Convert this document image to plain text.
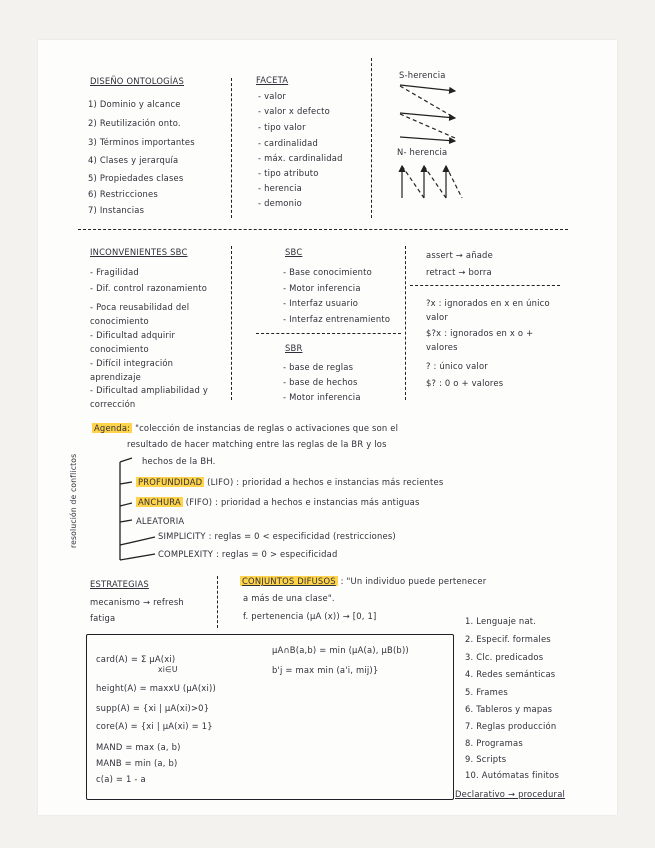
DISEÑO ONTOLOGÍAS
1) Dominio y alcance
2) Reutilización onto.
3) Términos importantes
4) Clases y jerarquía
5) Propiedades clases
6) Restricciones
7) Instancias
FACETA
- valor
- valor x defecto
- tipo valor
- cardinalidad
- máx. cardinalidad
- tipo atributo
- herencia
- demonio
S-herencia
N- herencia
INCONVENIENTES SBC
- Fragilidad
- Dif. control razonamiento
- Poca reusabilidad del conocimiento
- Dificultad adquirir conocimiento
- Difícil integración aprendizaje
- Dificultad ampliabilidad y corrección
SBC
- Base conocimiento
- Motor inferencia
- Interfaz usuario
- Interfaz entrenamiento
SBR
- base de reglas
- base de hechos
- Motor inferencia
assert → añade
retract → borra
?x : ignorados en x en único valor
$?x : ignorados en x o + valores
? : único valor
$? : 0 o + valores
Agenda: "colección de instancias de reglas o activaciones que son el
resultado de hacer matching entre las reglas de la BR y los
hechos de la BH.
resolución de conflictos	PROFUNDIDAD (LIFO) : prioridad a hechos e instancias más recientes
ANCHURA (FIFO) : prioridad a hechos e instancias más antiguas
ALEATORIA
SIMPLICITY : reglas = 0 < especificidad (restricciones)
COMPLEXITY : reglas = 0 > especificidad
ESTRATEGIAS
mecanismo → refresh
fatiga
CONJUNTOS DIFUSOS : "Un individuo puede pertenecer
a más de una clase".
f. pertenencia (μA (x)) → [0, 1]
card(A) = Σ μA(xi)
xi∈U
height(A) = maxxU (μA(xi))
supp(A) = {xi | μA(xi)>0}
core(A) = {xi | μA(xi) = 1}
MAND = max (a, b)
MANB = min (a, b)
c(a) = 1 - a
μA∩B(a,b) = min (μA(a), μB(b))
b'j = max min (a'i, mij)}
1. Lenguaje nat.
2. Especif. formales
3. Clc. predicados
4. Redes semánticas
5. Frames
6. Tableros y mapas
7. Reglas producción
8. Programas
9. Scripts
10. Autómatas finitos
Declarativo → procedural
